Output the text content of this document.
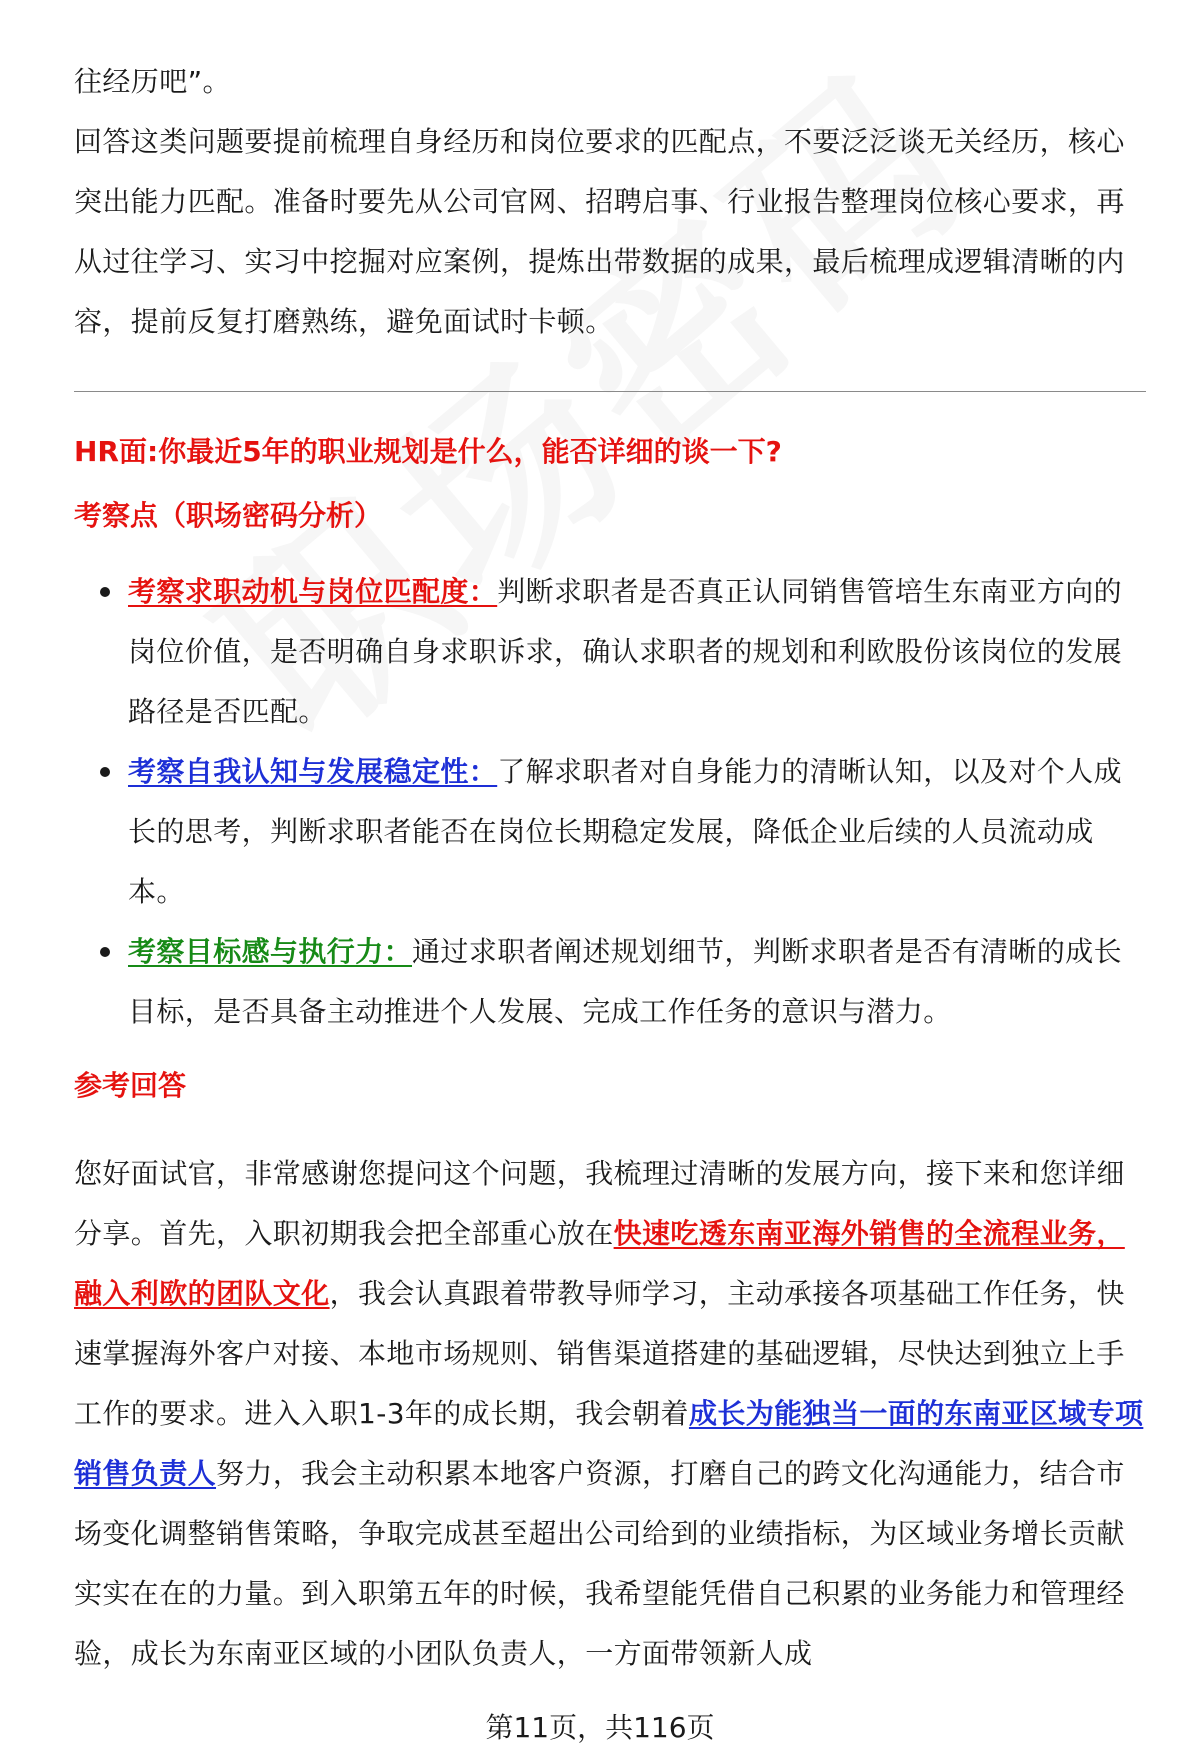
往经历吧”。

回答这类问题要提前梳理自身经历和岗位要求的匹配点，不要泛泛谈无关经历，核心突出能力匹配。准备时要先从公司官网、招聘启事、行业报告整理岗位核心要求，再从过往学习、实习中挖掘对应案例，提炼出带数据的成果，最后梳理成逻辑清晰的内容，提前反复打磨熟练，避免面试时卡顿。

HR面:你最近5年的职业规划是什么，能否详细的谈一下?
考察点（职场密码分析）
考察求职动机与岗位匹配度：判断求职者是否真正认同销售管培生东南亚方向的岗位价值，是否明确自身求职诉求，确认求职者的规划和利欧股份该岗位的发展路径是否匹配。
考察自我认知与发展稳定性：了解求职者对自身能力的清晰认知，以及对个人成长的思考，判断求职者能否在岗位长期稳定发展，降低企业后续的人员流动成本。
考察目标感与执行力：通过求职者阐述规划细节，判断求职者是否有清晰的成长目标，是否具备主动推进个人发展、完成工作任务的意识与潜力。
参考回答

您好面试官，非常感谢您提问这个问题，我梳理过清晰的发展方向，接下来和您详细分享。首先，入职初期我会把全部重心放在快速吃透东南亚海外销售的全流程业务，融入利欧的团队文化，我会认真跟着带教导师学习，主动承接各项基础工作任务，快速掌握海外客户对接、本地市场规则、销售渠道搭建的基础逻辑，尽快达到独立上手工作的要求。进入入职1-3年的成长期，我会朝着成长为能独当一面的东南亚区域专项销售负责人努力，我会主动积累本地客户资源，打磨自己的跨文化沟通能力，结合市场变化调整销售策略，争取完成甚至超出公司给到的业绩指标，为区域业务增长贡献实实在在的力量。到入职第五年的时候，我希望能凭借自己积累的业务能力和管理经验，成长为东南亚区域的小团队负责人，一方面带领新人成

第11页，共116页
